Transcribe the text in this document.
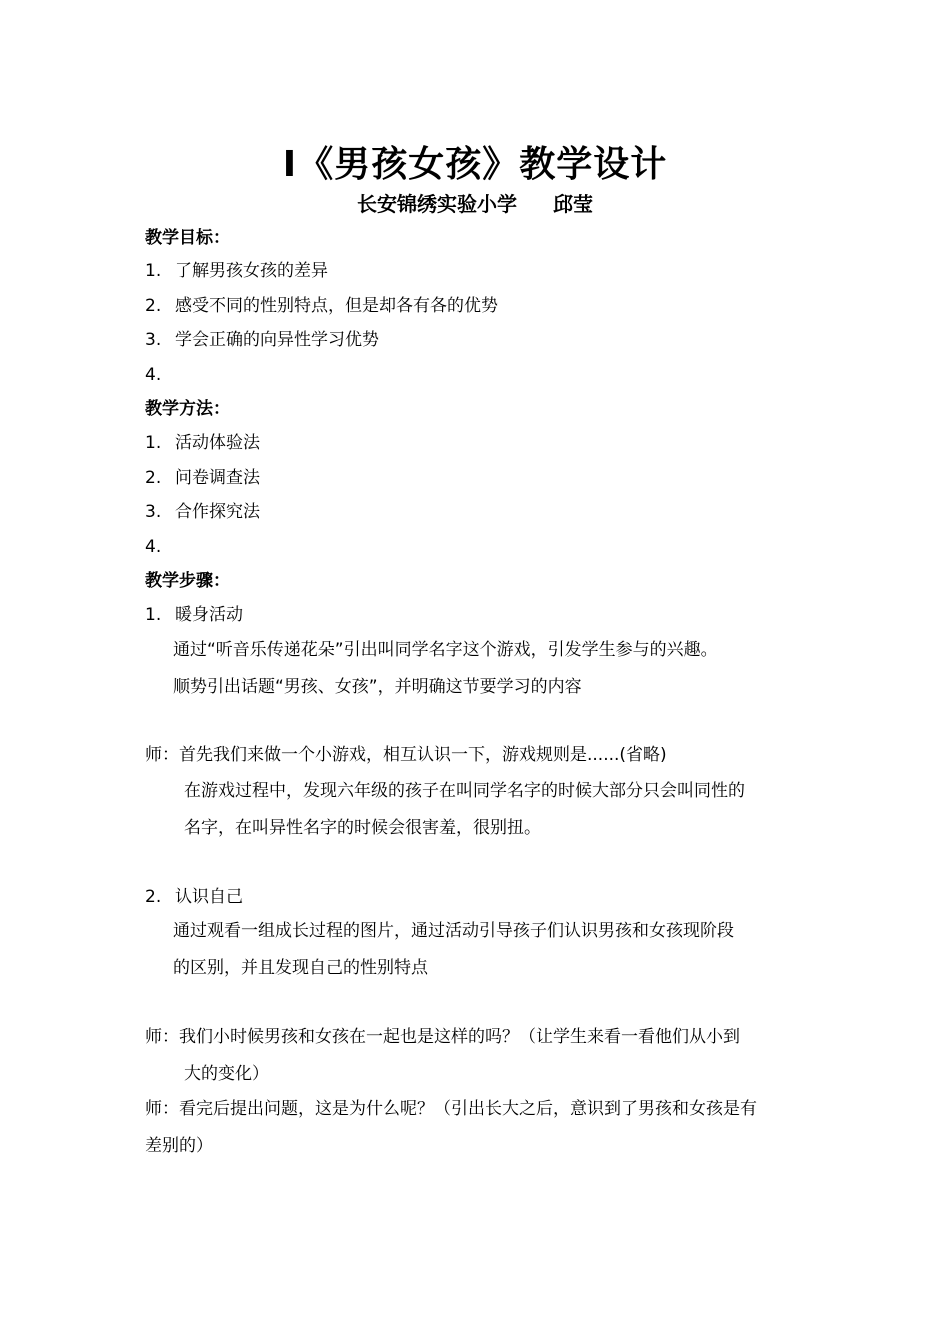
I《男孩女孩》教学设计
长安锦绣实验小学 邱莹
教学目标：
1. 了解男孩女孩的差异
2. 感受不同的性别特点，但是却各有各的优势
3. 学会正确的向异性学习优势
4.
教学方法：
1. 活动体验法
2. 问卷调查法
3. 合作探究法
4.
教学步骤：
1. 暖身活动
通过“听音乐传递花朵”引出叫同学名字这个游戏，引发学生参与的兴趣。
顺势引出话题“男孩、女孩”，并明确这节要学习的内容
师：首先我们来做一个小游戏，相互认识一下，游戏规则是......(省略)
在游戏过程中，发现六年级的孩子在叫同学名字的时候大部分只会叫同性的
名字，在叫异性名字的时候会很害羞，很别扭。
2. 认识自己
通过观看一组成长过程的图片，通过活动引导孩子们认识男孩和女孩现阶段
的区别，并且发现自己的性别特点
师：我们小时候男孩和女孩在一起也是这样的吗？（让学生来看一看他们从小到
大的变化）
师：看完后提出问题，这是为什么呢？（引出长大之后，意识到了男孩和女孩是有
差别的）
